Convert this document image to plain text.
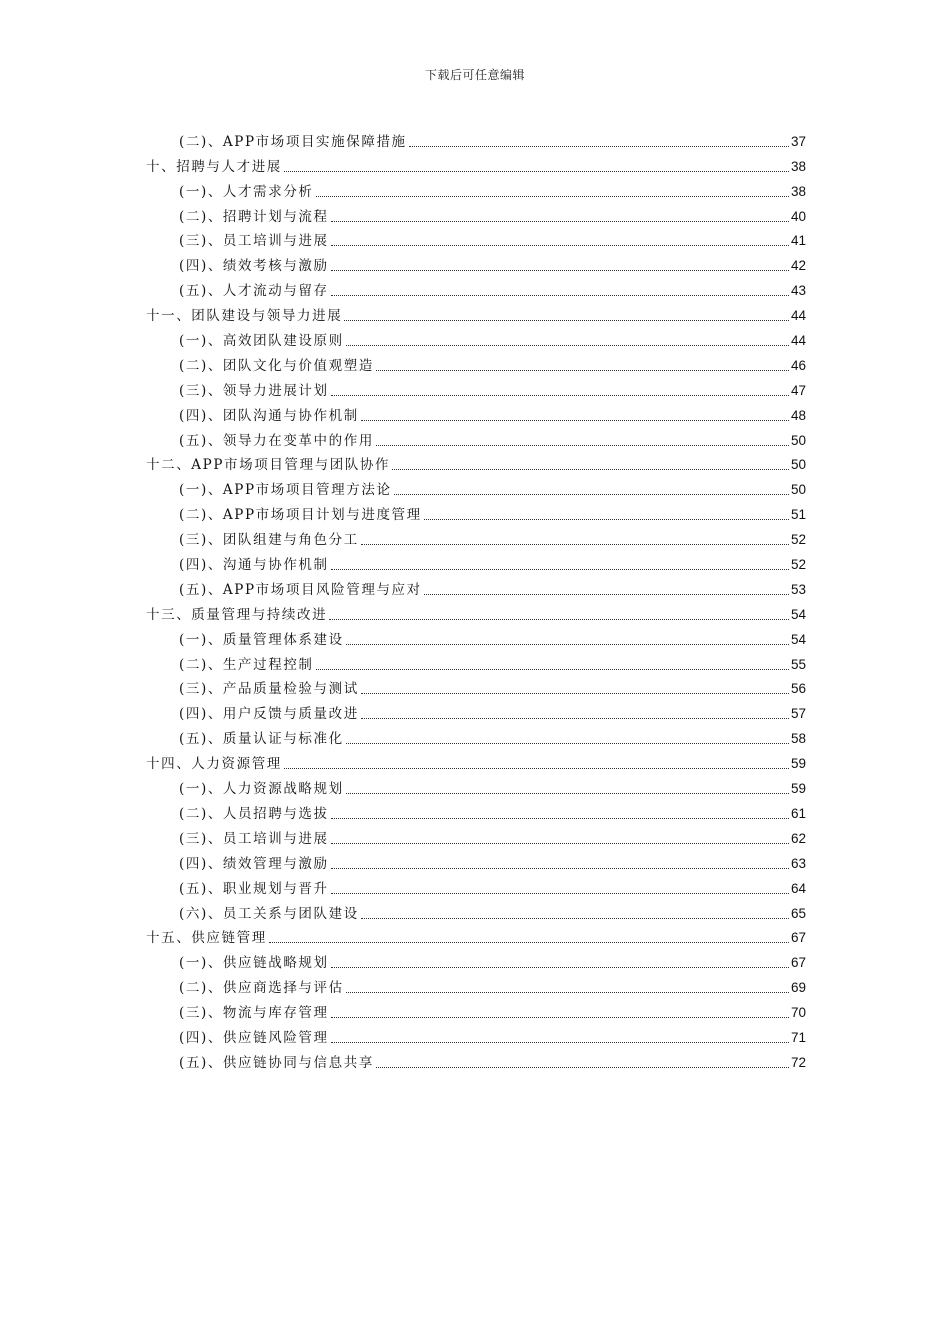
下载后可任意编辑
(二)、APP市场项目实施保障措施	37
十、招聘与人才进展	38
(一)、人才需求分析	38
(二)、招聘计划与流程	40
(三)、员工培训与进展	41
(四)、绩效考核与激励	42
(五)、人才流动与留存	43
十一、团队建设与领导力进展	44
(一)、高效团队建设原则	44
(二)、团队文化与价值观塑造	46
(三)、领导力进展计划	47
(四)、团队沟通与协作机制	48
(五)、领导力在变革中的作用	50
十二、APP市场项目管理与团队协作	50
(一)、APP市场项目管理方法论	50
(二)、APP市场项目计划与进度管理	51
(三)、团队组建与角色分工	52
(四)、沟通与协作机制	52
(五)、APP市场项目风险管理与应对	53
十三、质量管理与持续改进	54
(一)、质量管理体系建设	54
(二)、生产过程控制	55
(三)、产品质量检验与测试	56
(四)、用户反馈与质量改进	57
(五)、质量认证与标准化	58
十四、人力资源管理	59
(一)、人力资源战略规划	59
(二)、人员招聘与选拔	61
(三)、员工培训与进展	62
(四)、绩效管理与激励	63
(五)、职业规划与晋升	64
(六)、员工关系与团队建设	65
十五、供应链管理	67
(一)、供应链战略规划	67
(二)、供应商选择与评估	69
(三)、物流与库存管理	70
(四)、供应链风险管理	71
(五)、供应链协同与信息共享	72
